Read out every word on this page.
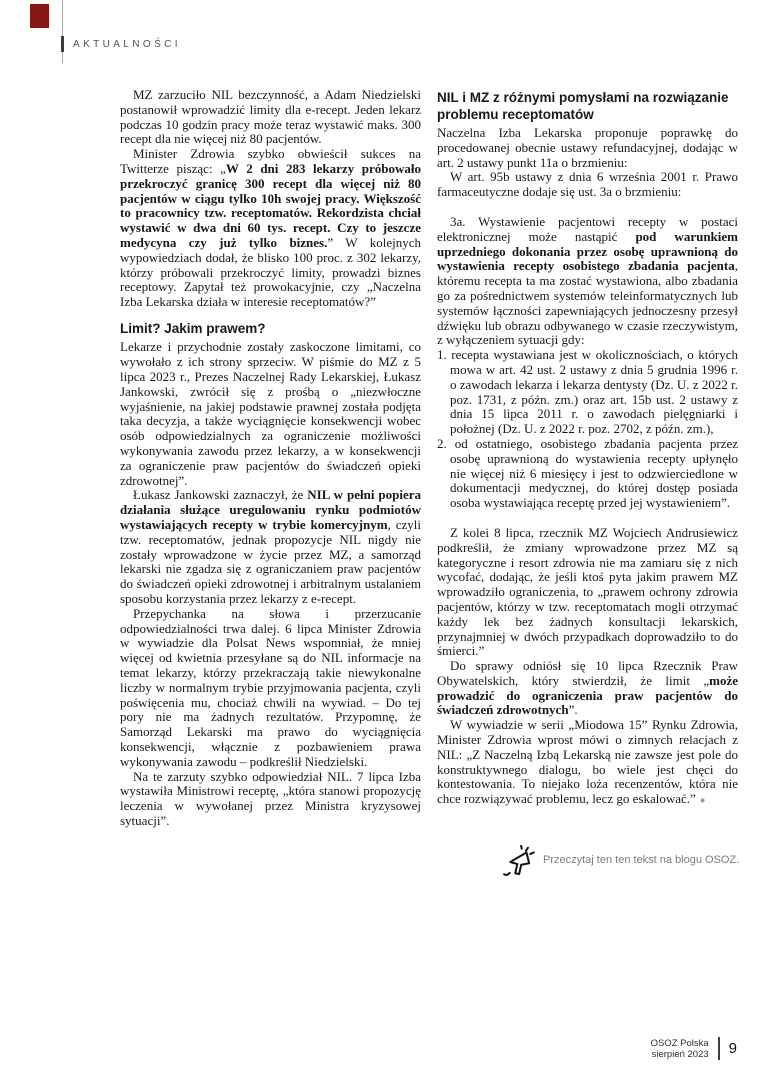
AKTUALNOŚCI

MZ zarzuciło NIL bezczynność, a Adam Niedzielski postanowił wprowadzić limity dla e-recept. Jeden lekarz podczas 10 godzin pracy może teraz wystawić maks. 300 recept dla nie więcej niż 80 pacjentów.

Minister Zdrowia szybko obwieścił sukces na Twitterze pisząc: „W 2 dni 283 lekarzy próbowało przekroczyć granicę 300 recept dla więcej niż 80 pacjentów w ciągu tylko 10h swojej pracy. Większość to pracownicy tzw. receptomatów. Rekordzista chciał wystawić w dwa dni 60 tys. recept. Czy to jeszcze medycyna czy już tylko biznes.” W kolejnych wypowiedziach dodał, że blisko 100 proc. z 302 lekarzy, którzy próbowali przekroczyć limity, prowadzi biznes receptowy. Zapytał też prowokacyjnie, czy „Naczelna Izba Lekarska działa w interesie receptomatów?”

Limit? Jakim prawem?

Lekarze i przychodnie zostały zaskoczone limitami, co wywołało z ich strony sprzeciw. W piśmie do MZ z 5 lipca 2023 r., Prezes Naczelnej Rady Lekarskiej, Łukasz Jankowski, zwrócił się z prośbą o „niezwłoczne wyjaśnienie, na jakiej podstawie prawnej została podjęta taka decyzja, a także wyciągnięcie konsekwencji wobec osób odpowiedzialnych za ograniczenie możliwości wykonywania zawodu przez lekarzy, a w konsekwencji za ograniczenie praw pacjentów do świadczeń opieki zdrowotnej”.

Łukasz Jankowski zaznaczył, że NIL w pełni popiera działania służące uregulowaniu rynku podmiotów wystawiających recepty w trybie komercyjnym, czyli tzw. receptomatów, jednak propozycje NIL nigdy nie zostały wprowadzone w życie przez MZ, a samorząd lekarski nie zgadza się z ograniczaniem praw pacjentów do świadczeń opieki zdrowotnej i arbitralnym ustalaniem sposobu korzystania przez lekarzy z e-recept.

Przepychanka na słowa i przerzucanie odpowiedzialności trwa dalej. 6 lipca Minister Zdrowia w wywiadzie dla Polsat News wspomniał, że mniej więcej od kwietnia przesyłane są do NIL informacje na temat lekarzy, którzy przekraczają takie niewykonalne liczby w normalnym trybie przyjmowania pacjenta, czyli poświęcenia mu, chociaż chwili na wywiad. – Do tej pory nie ma żadnych rezultatów. Przypomnę, że Samorząd Lekarski ma prawo do wyciągnięcia konsekwencji, włącznie z pozbawieniem prawa wykonywania zawodu – podkreślił Niedzielski.

Na te zarzuty szybko odpowiedział NIL. 7 lipca Izba wystawiła Ministrowi receptę, „która stanowi propozycję leczenia w wywołanej przez Ministra kryzysowej sytuacji”.

NIL i MZ z różnymi pomysłami na rozwiązanie problemu receptomatów

Naczelna Izba Lekarska proponuje poprawkę do procedowanej obecnie ustawy refundacyjnej, dodając w art. 2 ustawy punkt 11a o brzmieniu:

W art. 95b ustawy z dnia 6 września 2001 r. Prawo farmaceutyczne dodaje się ust. 3a o brzmieniu:

3a. Wystawienie pacjentowi recepty w postaci elektronicznej może nastąpić pod warunkiem uprzedniego dokonania przez osobę uprawnioną do wystawienia recepty osobistego zbadania pacjenta, któremu recepta ta ma zostać wystawiona, albo zbadania go za pośrednictwem systemów teleinformatycznych lub systemów łączności zapewniających jednoczesny przesył dźwięku lub obrazu odbywanego w czasie rzeczywistym, z wyłączeniem sytuacji gdy:

1. recepta wystawiana jest w okolicznościach, o których mowa w art. 42 ust. 2 ustawy z dnia 5 grudnia 1996 r. o zawodach lekarza i lekarza dentysty (Dz. U. z 2022 r. poz. 1731, z późn. zm.) oraz art. 15b ust. 2 ustawy z dnia 15 lipca 2011 r. o zawodach pielęgniarki i położnej (Dz. U. z 2022 r. poz. 2702, z późn. zm.),

2. od ostatniego, osobistego zbadania pacjenta przez osobę uprawnioną do wystawienia recepty upłynęło nie więcej niż 6 miesięcy i jest to odzwierciedlone w dokumentacji medycznej, do której dostęp posiada osoba wystawiająca receptę przed jej wystawieniem”.

Z kolei 8 lipca, rzecznik MZ Wojciech Andrusiewicz podkreślił, że zmiany wprowadzone przez MZ są kategoryczne i resort zdrowia nie ma zamiaru się z nich wycofać, dodając, że jeśli ktoś pyta jakim prawem MZ wprowadziło ograniczenia, to „prawem ochrony zdrowia pacjentów, którzy w tzw. receptomatach mogli otrzymać każdy lek bez żadnych konsultacji lekarskich, przynajmniej w dwóch przypadkach doprowadziło to do śmierci.”

Do sprawy odniósł się 10 lipca Rzecznik Praw Obywatelskich, który stwierdził, że limit „może prowadzić do ograniczenia praw pacjentów do świadczeń zdrowotnych”.

W wywiadzie w serii „Miodowa 15” Rynku Zdrowia, Minister Zdrowia wprost mówi o zimnych relacjach z NIL: „Z Naczelną Izbą Lekarską nie zawsze jest pole do konstruktywnego dialogu, bo wiele jest chęci do kontestowania. To niejako loża recenzentów, która nie chce rozwiązywać problemu, lecz go eskalować.” ●

Przeczytaj ten ten tekst na blogu OSOZ.
OSOZ Polska
sierpień 2023 9
